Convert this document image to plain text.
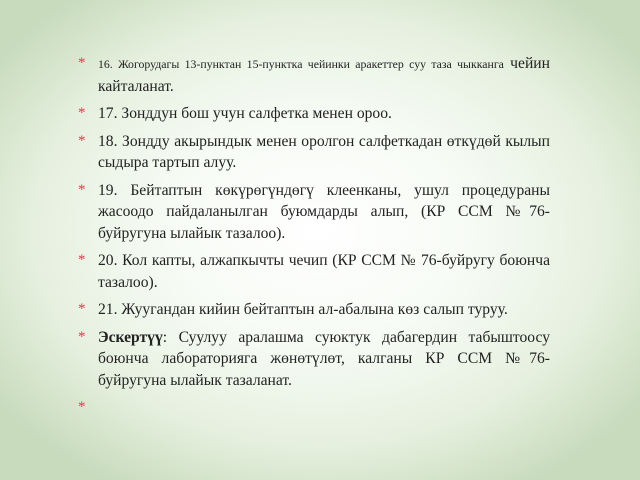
* 16. Жогорудагы 13-пунктан 15-пунктка чейинки аракеттер суу таза чыкканга чейин кайталанат.
* 17. Зонддун бош учун салфетка менен ороо.
* 18. Зондду акырындык менен оролгон салфеткадан өткүдөй кылып сыдыра тартып алуу.
* 19. Бейтаптын көкүрөгүндөгү клеенканы, ушул процедураны жасоодо пайдаланылган буюмдарды алып, (КР ССМ №76-буйругуна ылайык тазалоо).
* 20. Кол капты, алжапкычты чечип (КР ССМ № 76-буйругу боюнча тазалоо).
* 21. Жуугандан кийин бейтаптын ал-абалына көз салып туруу.
* Эскертүү: Суулуу аралашма суюктук дабагердин табыштоосу боюнча лабораторияга жөнөтүлөт, калганы КР ССМ №76-буйругуна ылайык тазаланат.
*
